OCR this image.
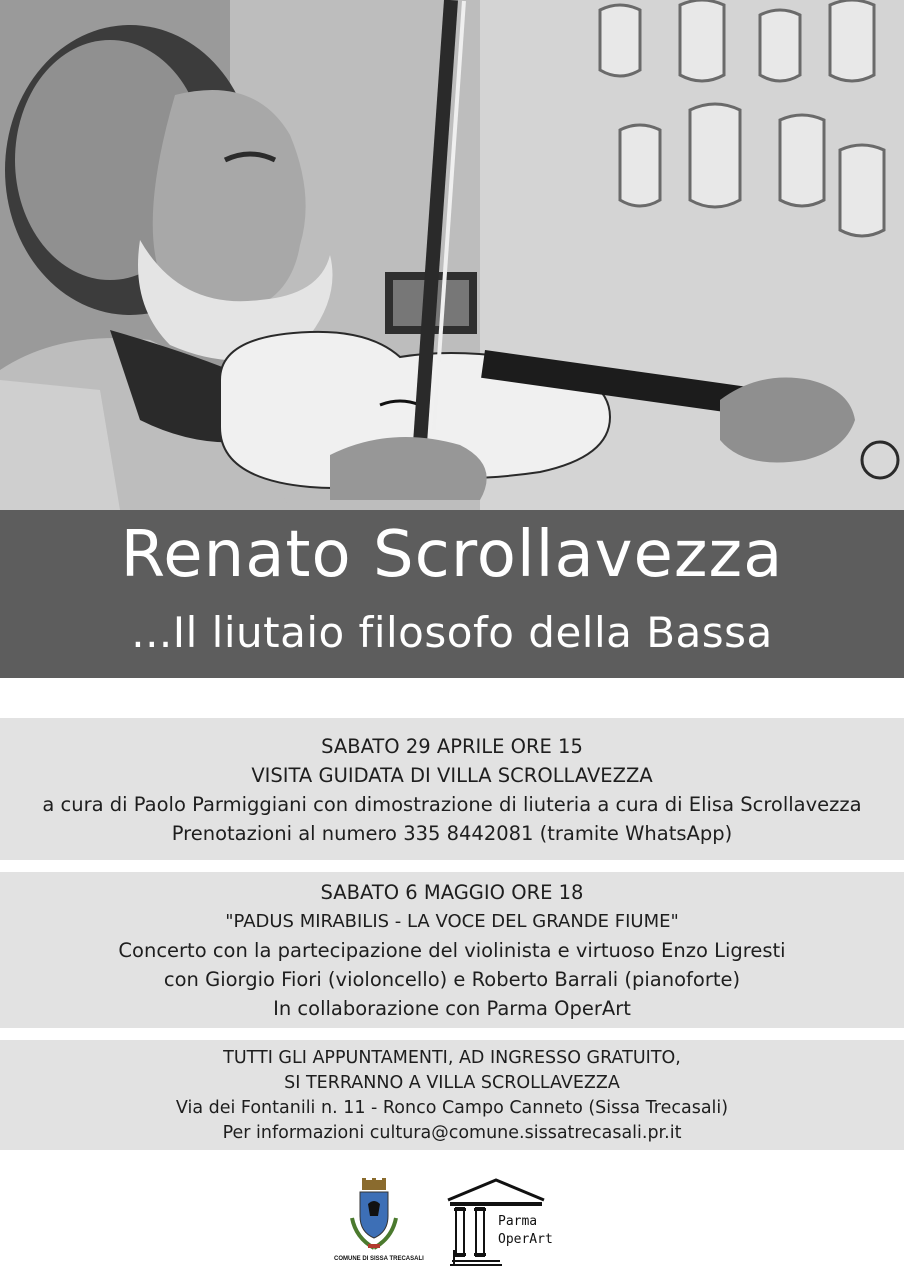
Renato Scrollavezza
...Il liutaio filosofo della Bassa
SABATO 29 APRILE ORE 15
VISITA GUIDATA DI VILLA SCROLLAVEZZA
a cura di Paolo Parmiggiani con dimostrazione di liuteria a cura di Elisa Scrollavezza
Prenotazioni al numero 335 8442081 (tramite WhatsApp)
SABATO 6 MAGGIO ORE 18
"PADUS MIRABILIS - LA VOCE DEL GRANDE FIUME"
Concerto con la partecipazione del violinista e virtuoso Enzo Ligresti
con Giorgio Fiori (violoncello) e Roberto Barrali (pianoforte)
In collaborazione con Parma OperArt
TUTTI GLI APPUNTAMENTI, AD INGRESSO GRATUITO,
SI TERRANNO A VILLA SCROLLAVEZZA
Via dei Fontanili n. 11 - Ronco Campo Canneto (Sissa Trecasali)
Per informazioni cultura@comune.sissatrecasali.pr.it
COMUNE DI SISSA TRECASALI
Parma
OperArt
